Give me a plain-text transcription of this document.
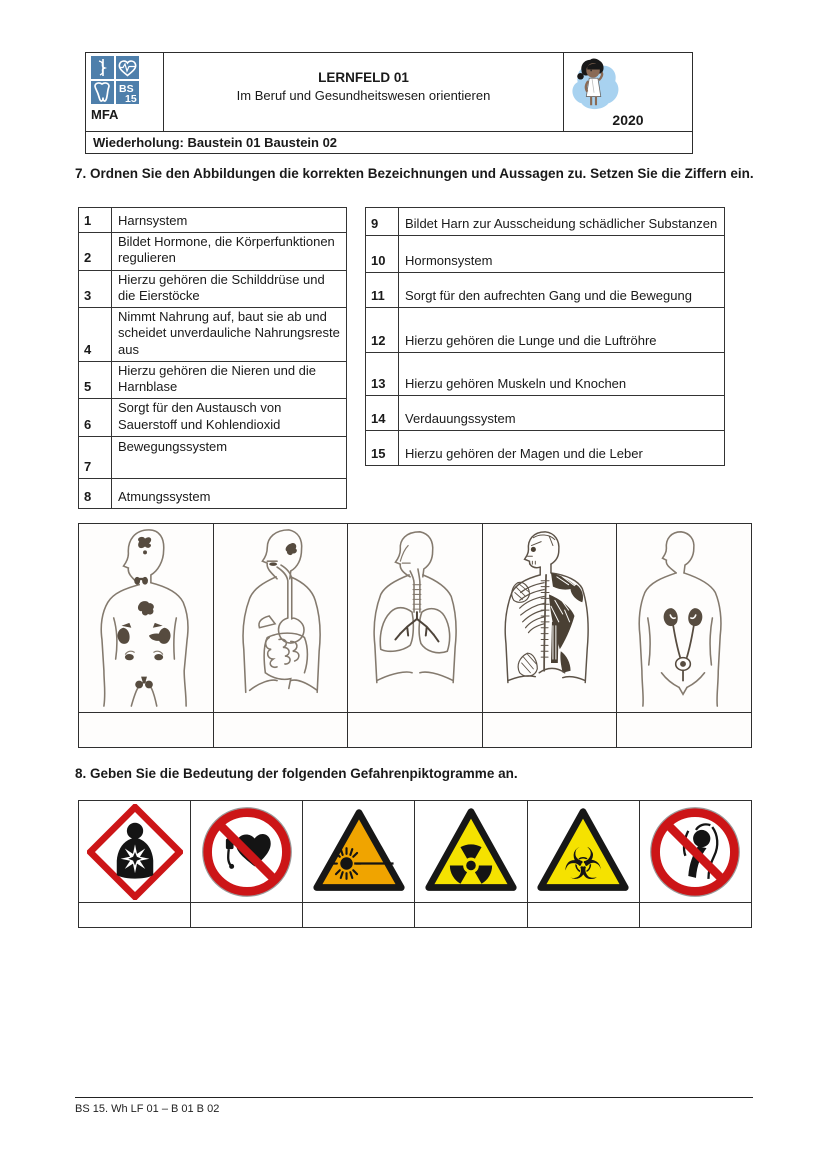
BS
15
MFA
LERNFELD 01
Im Beruf und Gesundheitswesen orientieren
2020
Wiederholung: Baustein 01 Baustein 02
7. Ordnen Sie den Abbildungen die korrekten Bezeichnungen und Aussagen zu. Setzen Sie die Ziffern ein.
1	Harnsystem
2	Bildet Hormone, die Körperfunktionen regulieren
3	Hierzu gehören die Schilddrüse und die Eierstöcke
4	Nimmt Nahrung auf, baut sie ab und scheidet unverdauliche Nahrungsreste aus
5	Hierzu gehören die Nieren und die Harnblase
6	Sorgt für den Austausch von Sauerstoff und Kohlendioxid
7	Bewegungssystem
8	Atmungssystem
9	Bildet Harn zur Ausscheidung schädlicher Substanzen
10	Hormonsystem
11	Sorgt für den aufrechten Gang und die Bewegung
12	Hierzu gehören die Lunge und die Luftröhre
13	Hierzu gehören Muskeln und Knochen
14	Verdauungssystem
15	Hierzu gehören der Magen und die Leber

8. Geben Sie die Bedeutung der folgenden Gefahrenpiktogramme an.

☣

BS 15. Wh LF 01 – B 01 B 02
